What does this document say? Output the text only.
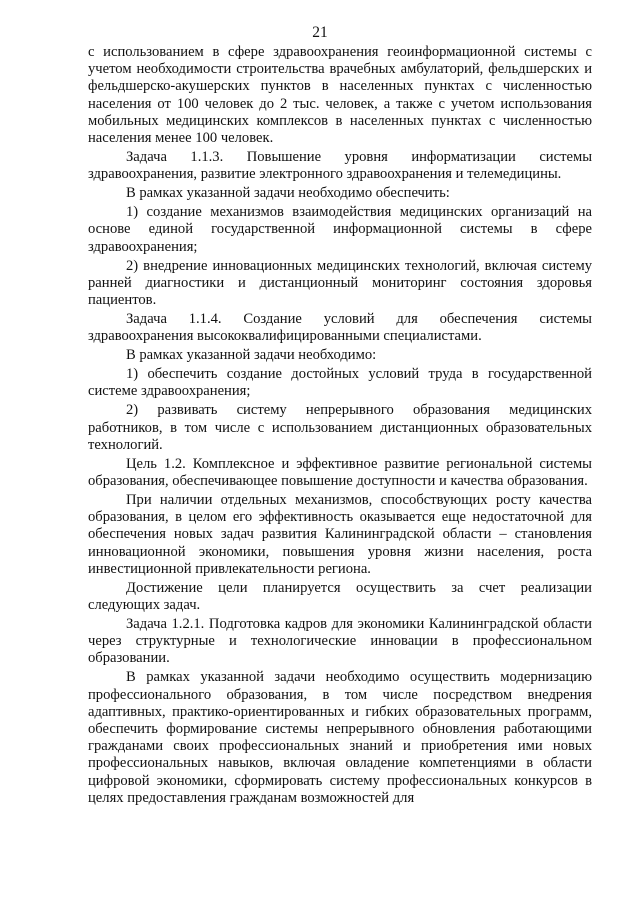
21

с использованием в сфере здравоохранения геоинформационной системы с учетом необходимости строительства врачебных амбулаторий, фельдшерских и фельдшерско-акушерских пунктов в населенных пунктах с численностью населения от 100 человек до 2 тыс. человек, а также с учетом использования мобильных медицинских комплексов в населенных пунктах с численностью населения менее 100 человек.

Задача 1.1.3. Повышение уровня информатизации системы здравоохранения, развитие электронного здравоохранения и телемедицины.

В рамках указанной задачи необходимо обеспечить:

1) создание механизмов взаимодействия медицинских организаций на основе единой государственной информационной системы в сфере здравоохранения;

2) внедрение инновационных медицинских технологий, включая систему ранней диагностики и дистанционный мониторинг состояния здоровья пациентов.

Задача 1.1.4. Создание условий для обеспечения системы здравоохранения высококвалифицированными специалистами.

В рамках указанной задачи необходимо:

1) обеспечить создание достойных условий труда в государственной системе здравоохранения;

2) развивать систему непрерывного образования медицинских работников, в том числе с использованием дистанционных образовательных технологий.

Цель 1.2. Комплексное и эффективное развитие региональной системы образования, обеспечивающее повышение доступности и качества образования.

При наличии отдельных механизмов, способствующих росту качества образования, в целом его эффективность оказывается еще недостаточной для обеспечения новых задач развития Калининградской области – становления инновационной экономики, повышения уровня жизни населения, роста инвестиционной привлекательности региона.

Достижение цели планируется осуществить за счет реализации следующих задач.

Задача 1.2.1. Подготовка кадров для экономики Калининградской области через структурные и технологические инновации в профессиональном образовании.

В рамках указанной задачи необходимо осуществить модернизацию профессионального образования, в том числе посредством внедрения адаптивных, практико-ориентированных и гибких образовательных программ, обеспечить формирование системы непрерывного обновления работающими гражданами своих профессиональных знаний и приобретения ими новых профессиональных навыков, включая овладение компетенциями в области цифровой экономики, сформировать систему профессиональных конкурсов в целях предоставления гражданам возможностей для
